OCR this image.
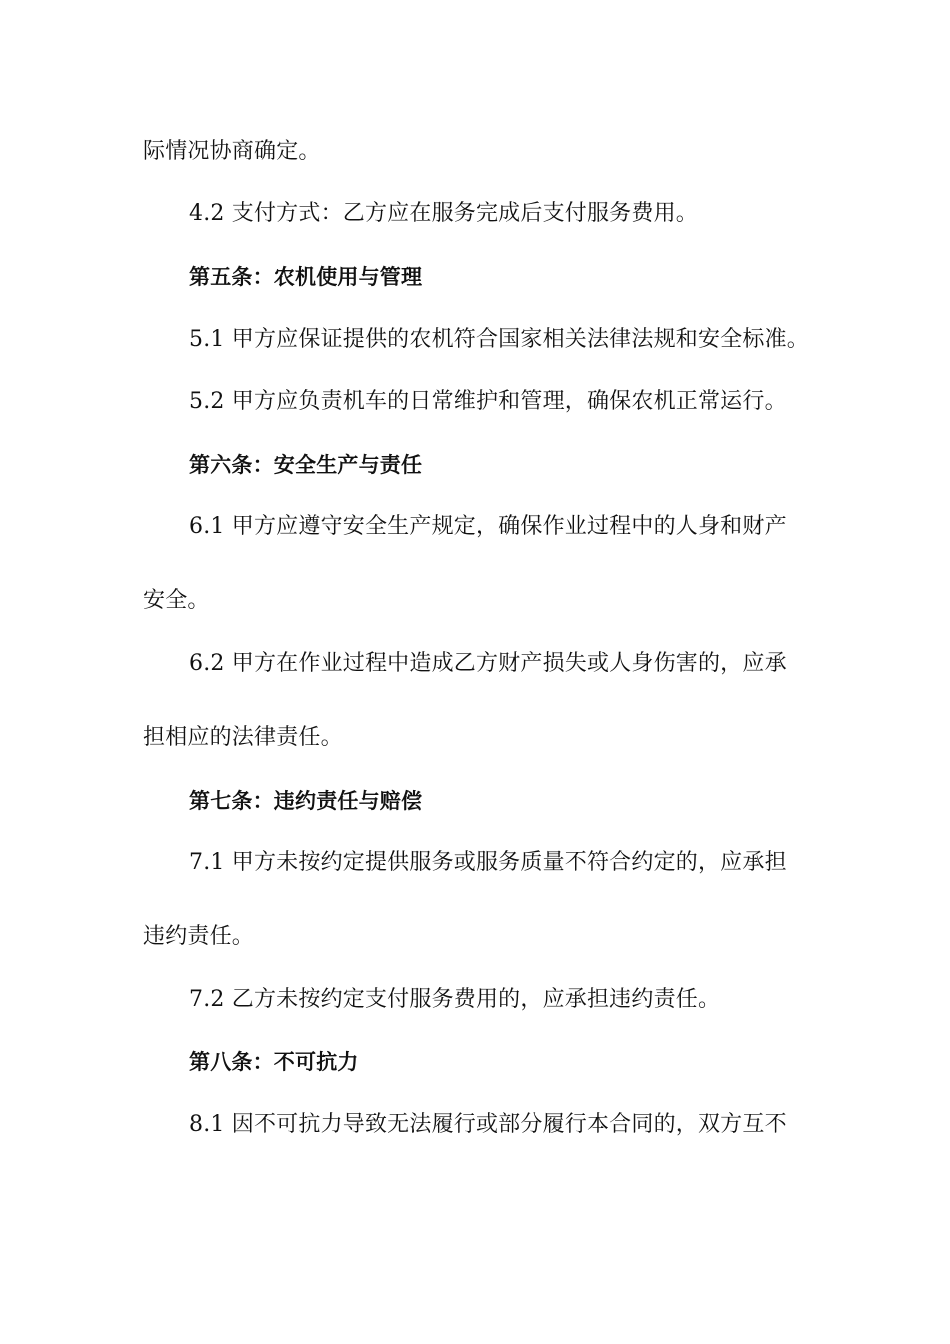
际情况协商确定。
4.2 支付方式：乙方应在服务完成后支付服务费用。
第五条：农机使用与管理
5.1 甲方应保证提供的农机符合国家相关法律法规和安全标准。
5.2 甲方应负责机车的日常维护和管理，确保农机正常运行。
第六条：安全生产与责任
6.1 甲方应遵守安全生产规定，确保作业过程中的人身和财产
安全。
6.2 甲方在作业过程中造成乙方财产损失或人身伤害的，应承
担相应的法律责任。
第七条：违约责任与赔偿
7.1 甲方未按约定提供服务或服务质量不符合约定的，应承担
违约责任。
7.2 乙方未按约定支付服务费用的，应承担违约责任。
第八条：不可抗力
8.1 因不可抗力导致无法履行或部分履行本合同的，双方互不
